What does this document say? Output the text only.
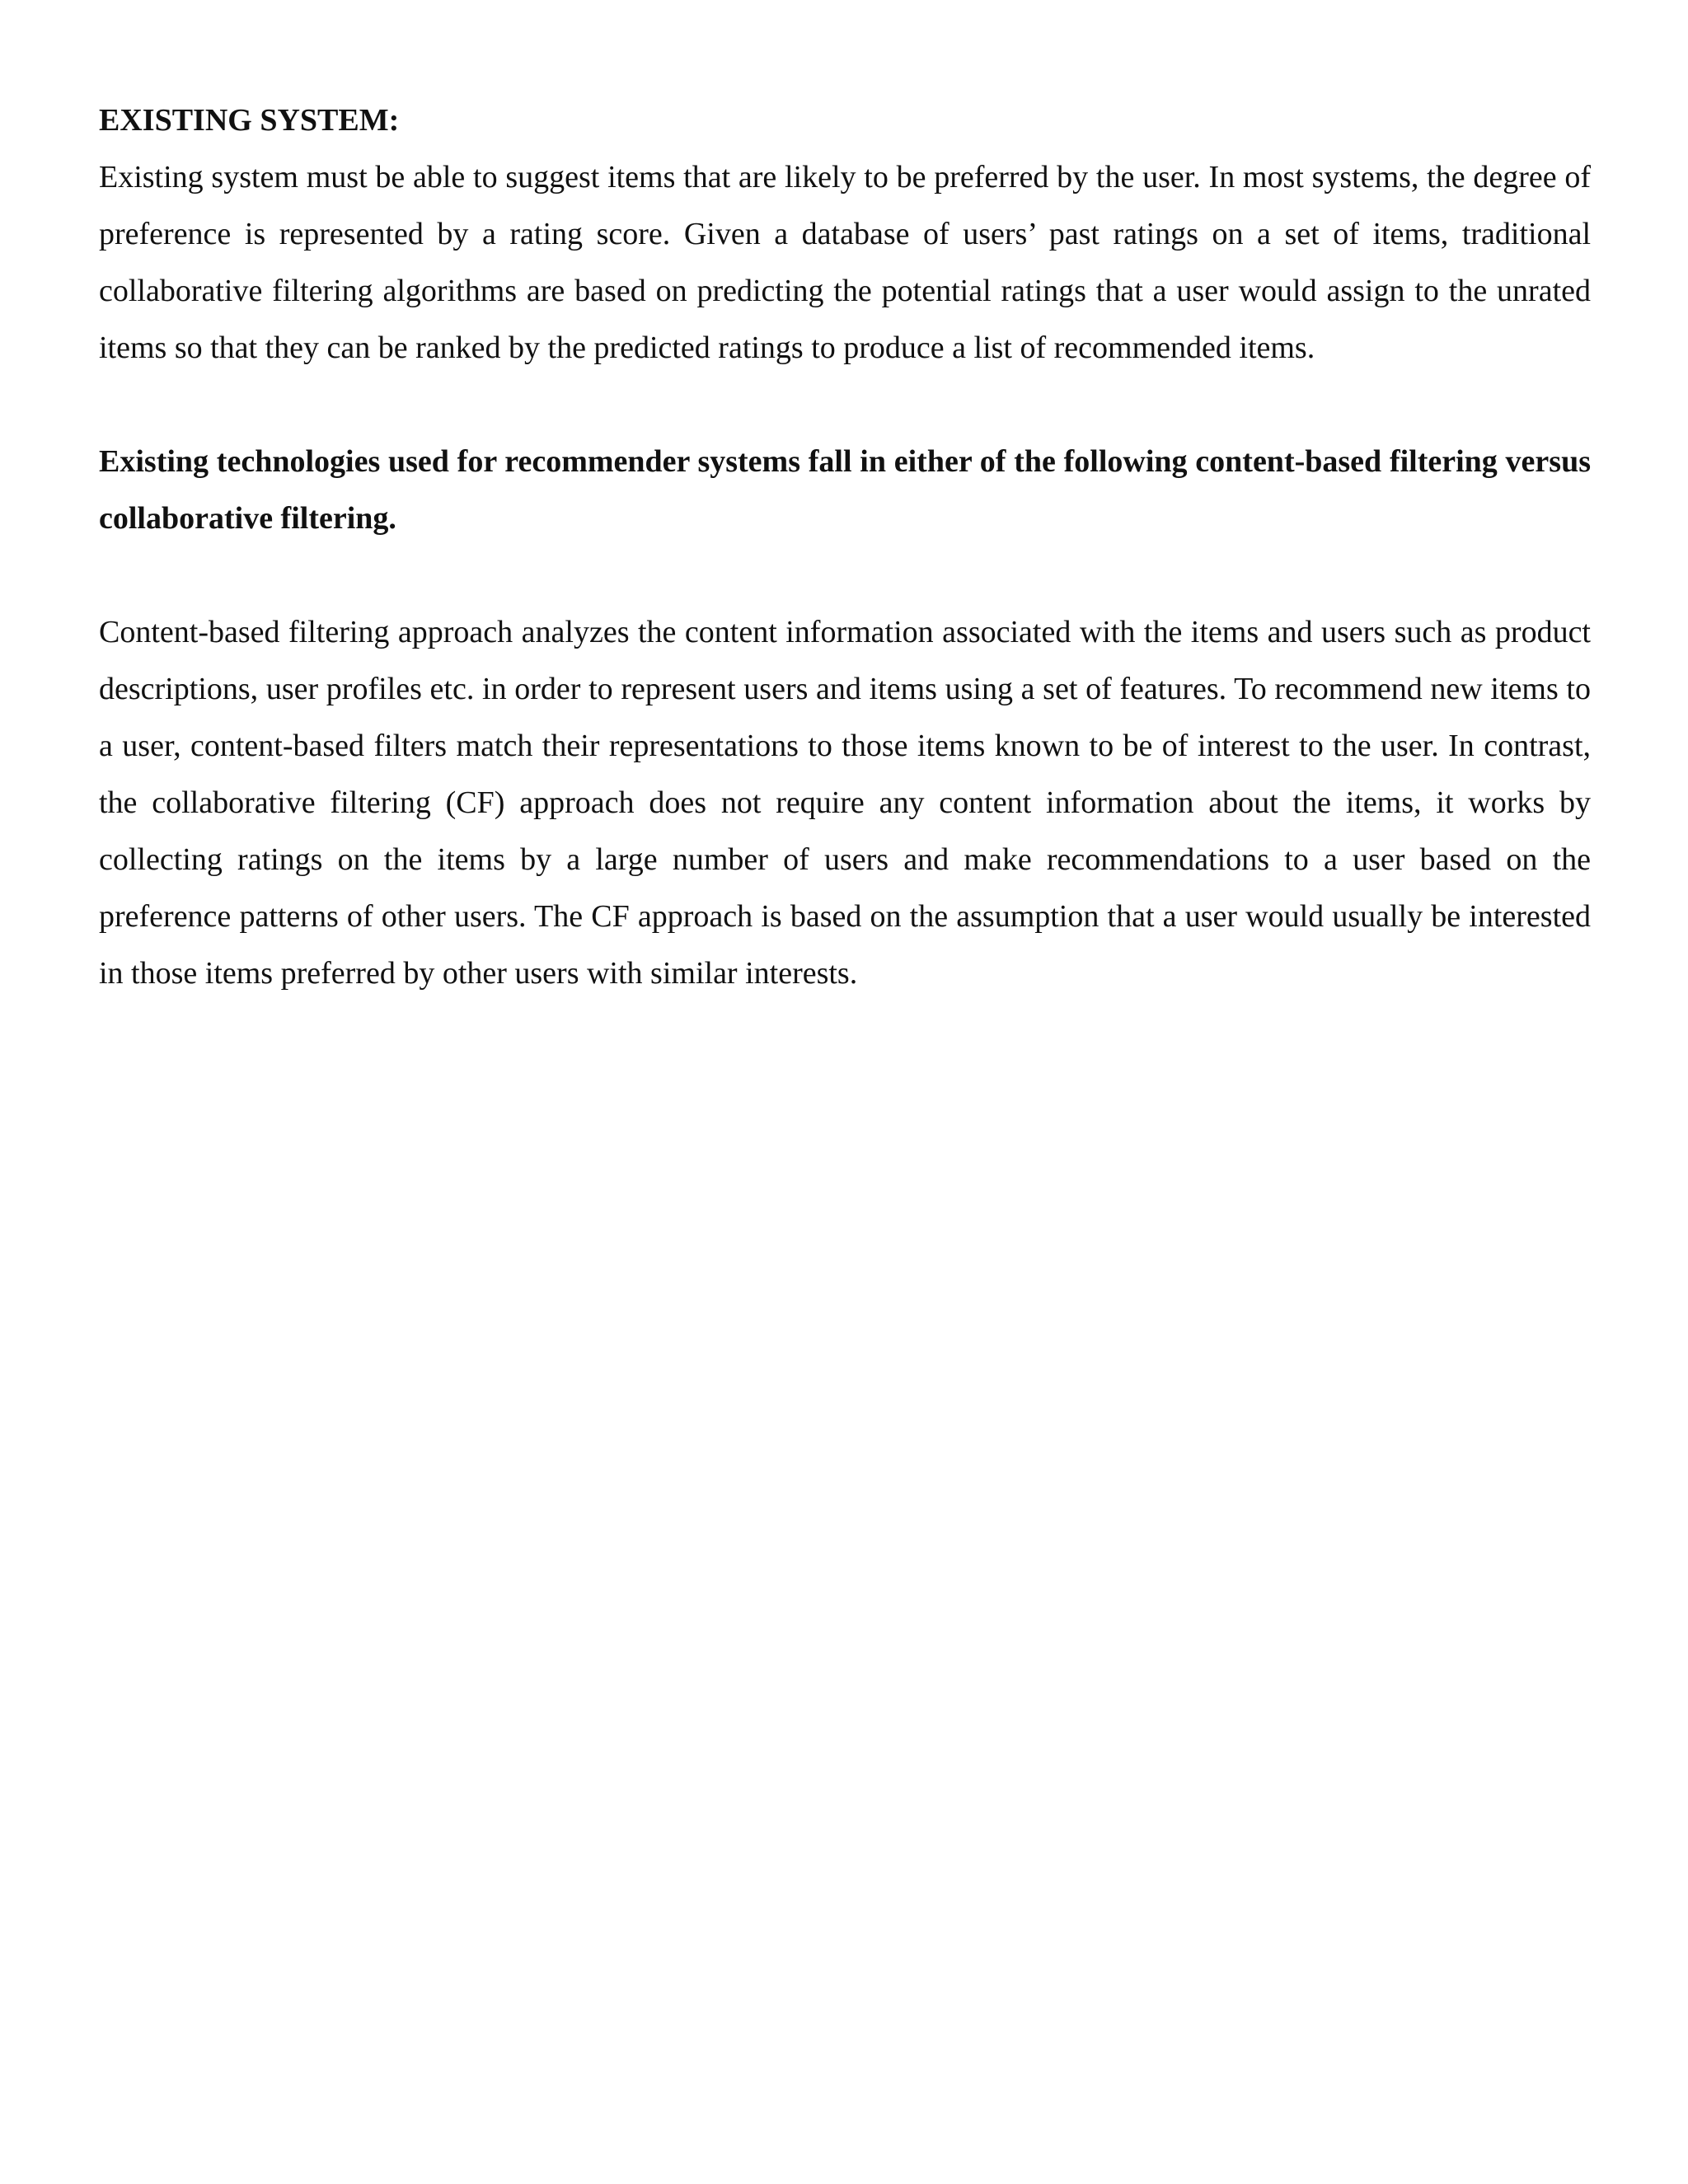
EXISTING SYSTEM:

Existing system must be able to suggest items that are likely to be preferred by the user. In most systems, the degree of preference is represented by a rating score. Given a database of users’ past ratings on a set of items, traditional collaborative filtering algorithms are based on predicting the potential ratings that a user would assign to the unrated items so that they can be ranked by the predicted ratings to produce a list of recommended items.

Existing technologies used for recommender systems fall in either of the following content-based filtering versus collaborative filtering.

Content-based filtering approach analyzes the content information associated with the items and users such as product descriptions, user profiles etc. in order to represent users and items using a set of features. To recommend new items to a user, content-based filters match their representations to those items known to be of interest to the user. In contrast, the collaborative filtering (CF) approach does not require any content information about the items, it works by collecting ratings on the items by a large number of users and make recommendations to a user based on the preference patterns of other users. The CF approach is based on the assumption that a user would usually be interested in those items preferred by other users with similar interests.
